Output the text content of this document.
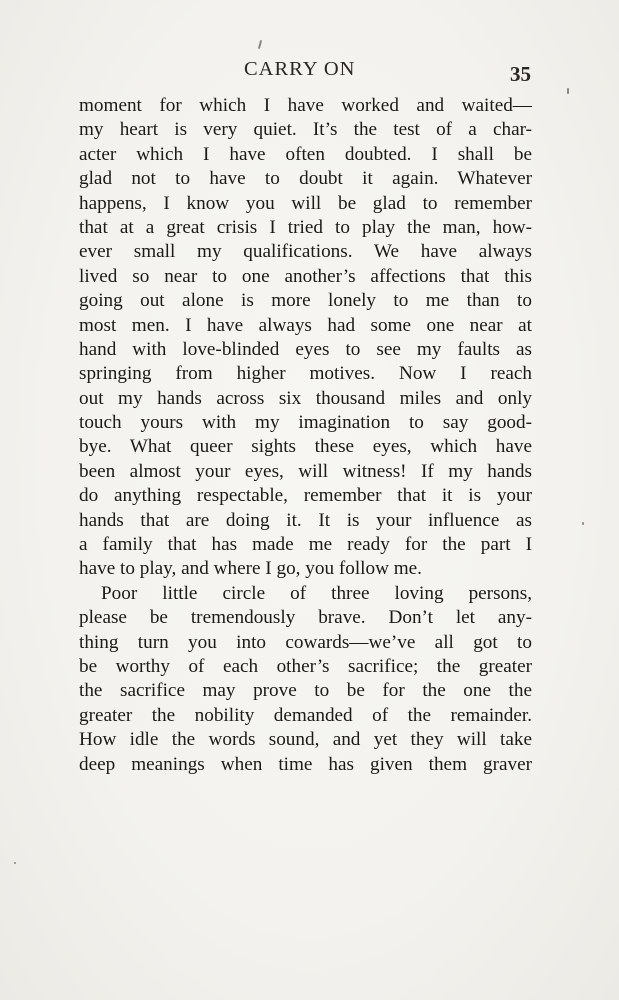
CARRY ON	35
moment for which I have worked and waited—
my heart is very quiet. It’s the test of a char-
acter which I have often doubted. I shall be
glad not to have to doubt it again. Whatever
happens, I know you will be glad to remember
that at a great crisis I tried to play the man, how-
ever small my qualifications. We have always
lived so near to one another’s affections that this
going out alone is more lonely to me than to
most men. I have always had some one near at
hand with love-blinded eyes to see my faults as
springing from higher motives. Now I reach
out my hands across six thousand miles and only
touch yours with my imagination to say good-
bye. What queer sights these eyes, which have
been almost your eyes, will witness! If my hands
do anything respectable, remember that it is your
hands that are doing it. It is your influence as
a family that has made me ready for the part I
have to play, and where I go, you follow me.
Poor little circle of three loving persons,
please be tremendously brave. Don’t let any-
thing turn you into cowards—we’ve all got to
be worthy of each other’s sacrifice; the greater
the sacrifice may prove to be for the one the
greater the nobility demanded of the remainder.
How idle the words sound, and yet they will take
deep meanings when time has given them graver
